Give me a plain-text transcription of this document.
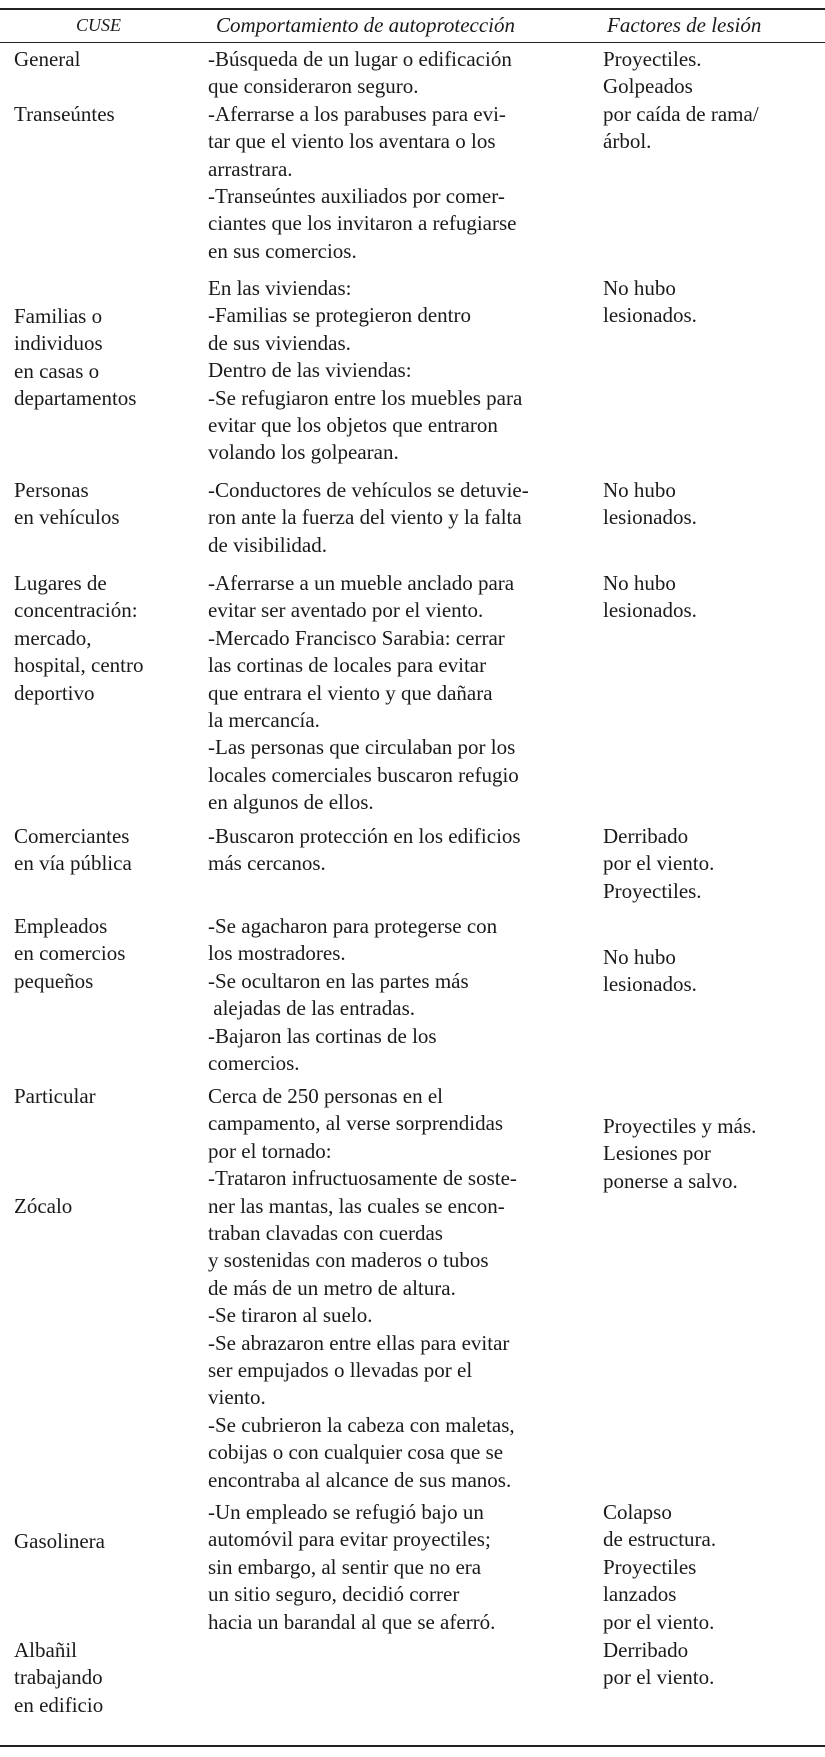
CUSE	Comportamiento de autoprotección	Factores de lesión
General

Transeúntes
-Búsqueda de un lugar o edificación
que consideraron seguro.
-Aferrarse a los parabuses para evi-
tar que el viento los aventara o los
arrastrara.
-Transeúntes auxiliados por comer-
ciantes que los invitaron a refugiarse
en sus comercios.
Proyectiles.
Golpeados
por caída de rama/
árbol.
Familias o
individuos
en casas o
departamentos
En las viviendas:
-Familias se protegieron dentro
de sus viviendas.
Dentro de las viviendas:
-Se refugiaron entre los muebles para
evitar que los objetos que entraron
volando los golpearan.
No hubo
lesionados.
Personas
en vehículos
-Conductores de vehículos se detuvie-
ron ante la fuerza del viento y la falta
de visibilidad.
No hubo
lesionados.
Lugares de
concentración:
mercado,
hospital, centro
deportivo
-Aferrarse a un mueble anclado para
evitar ser aventado por el viento.
-Mercado Francisco Sarabia: cerrar
las cortinas de locales para evitar
que entrara el viento y que dañara
la mercancía.
-Las personas que circulaban por los
locales comerciales buscaron refugio
en algunos de ellos.
No hubo
lesionados.
Comerciantes
en vía pública
-Buscaron protección en los edificios
más cercanos.
Derribado
por el viento.
Proyectiles.
Empleados
en comercios
pequeños
-Se agacharon para protegerse con
los mostradores.
-Se ocultaron en las partes más
alejadas de las entradas.
-Bajaron las cortinas de los
comercios.
No hubo
lesionados.
Particular

Zócalo
Cerca de 250 personas en el
campamento, al verse sorprendidas
por el tornado:
-Trataron infructuosamente de soste-
ner las mantas, las cuales se encon-
traban clavadas con cuerdas
y sostenidas con maderos o tubos
de más de un metro de altura.
-Se tiraron al suelo.
-Se abrazaron entre ellas para evitar
ser empujados o llevadas por el
viento.
-Se cubrieron la cabeza con maletas,
cobijas o con cualquier cosa que se
encontraba al alcance de sus manos.
Proyectiles y más.
Lesiones por
ponerse a salvo.
Gasolinera
-Un empleado se refugió bajo un
automóvil para evitar proyectiles;
sin embargo, al sentir que no era
un sitio seguro, decidió correr
hacia un barandal al que se aferró.
Colapso
de estructura.
Proyectiles
lanzados
por el viento.
Albañil
trabajando
en edificio
Derribado
por el viento.
